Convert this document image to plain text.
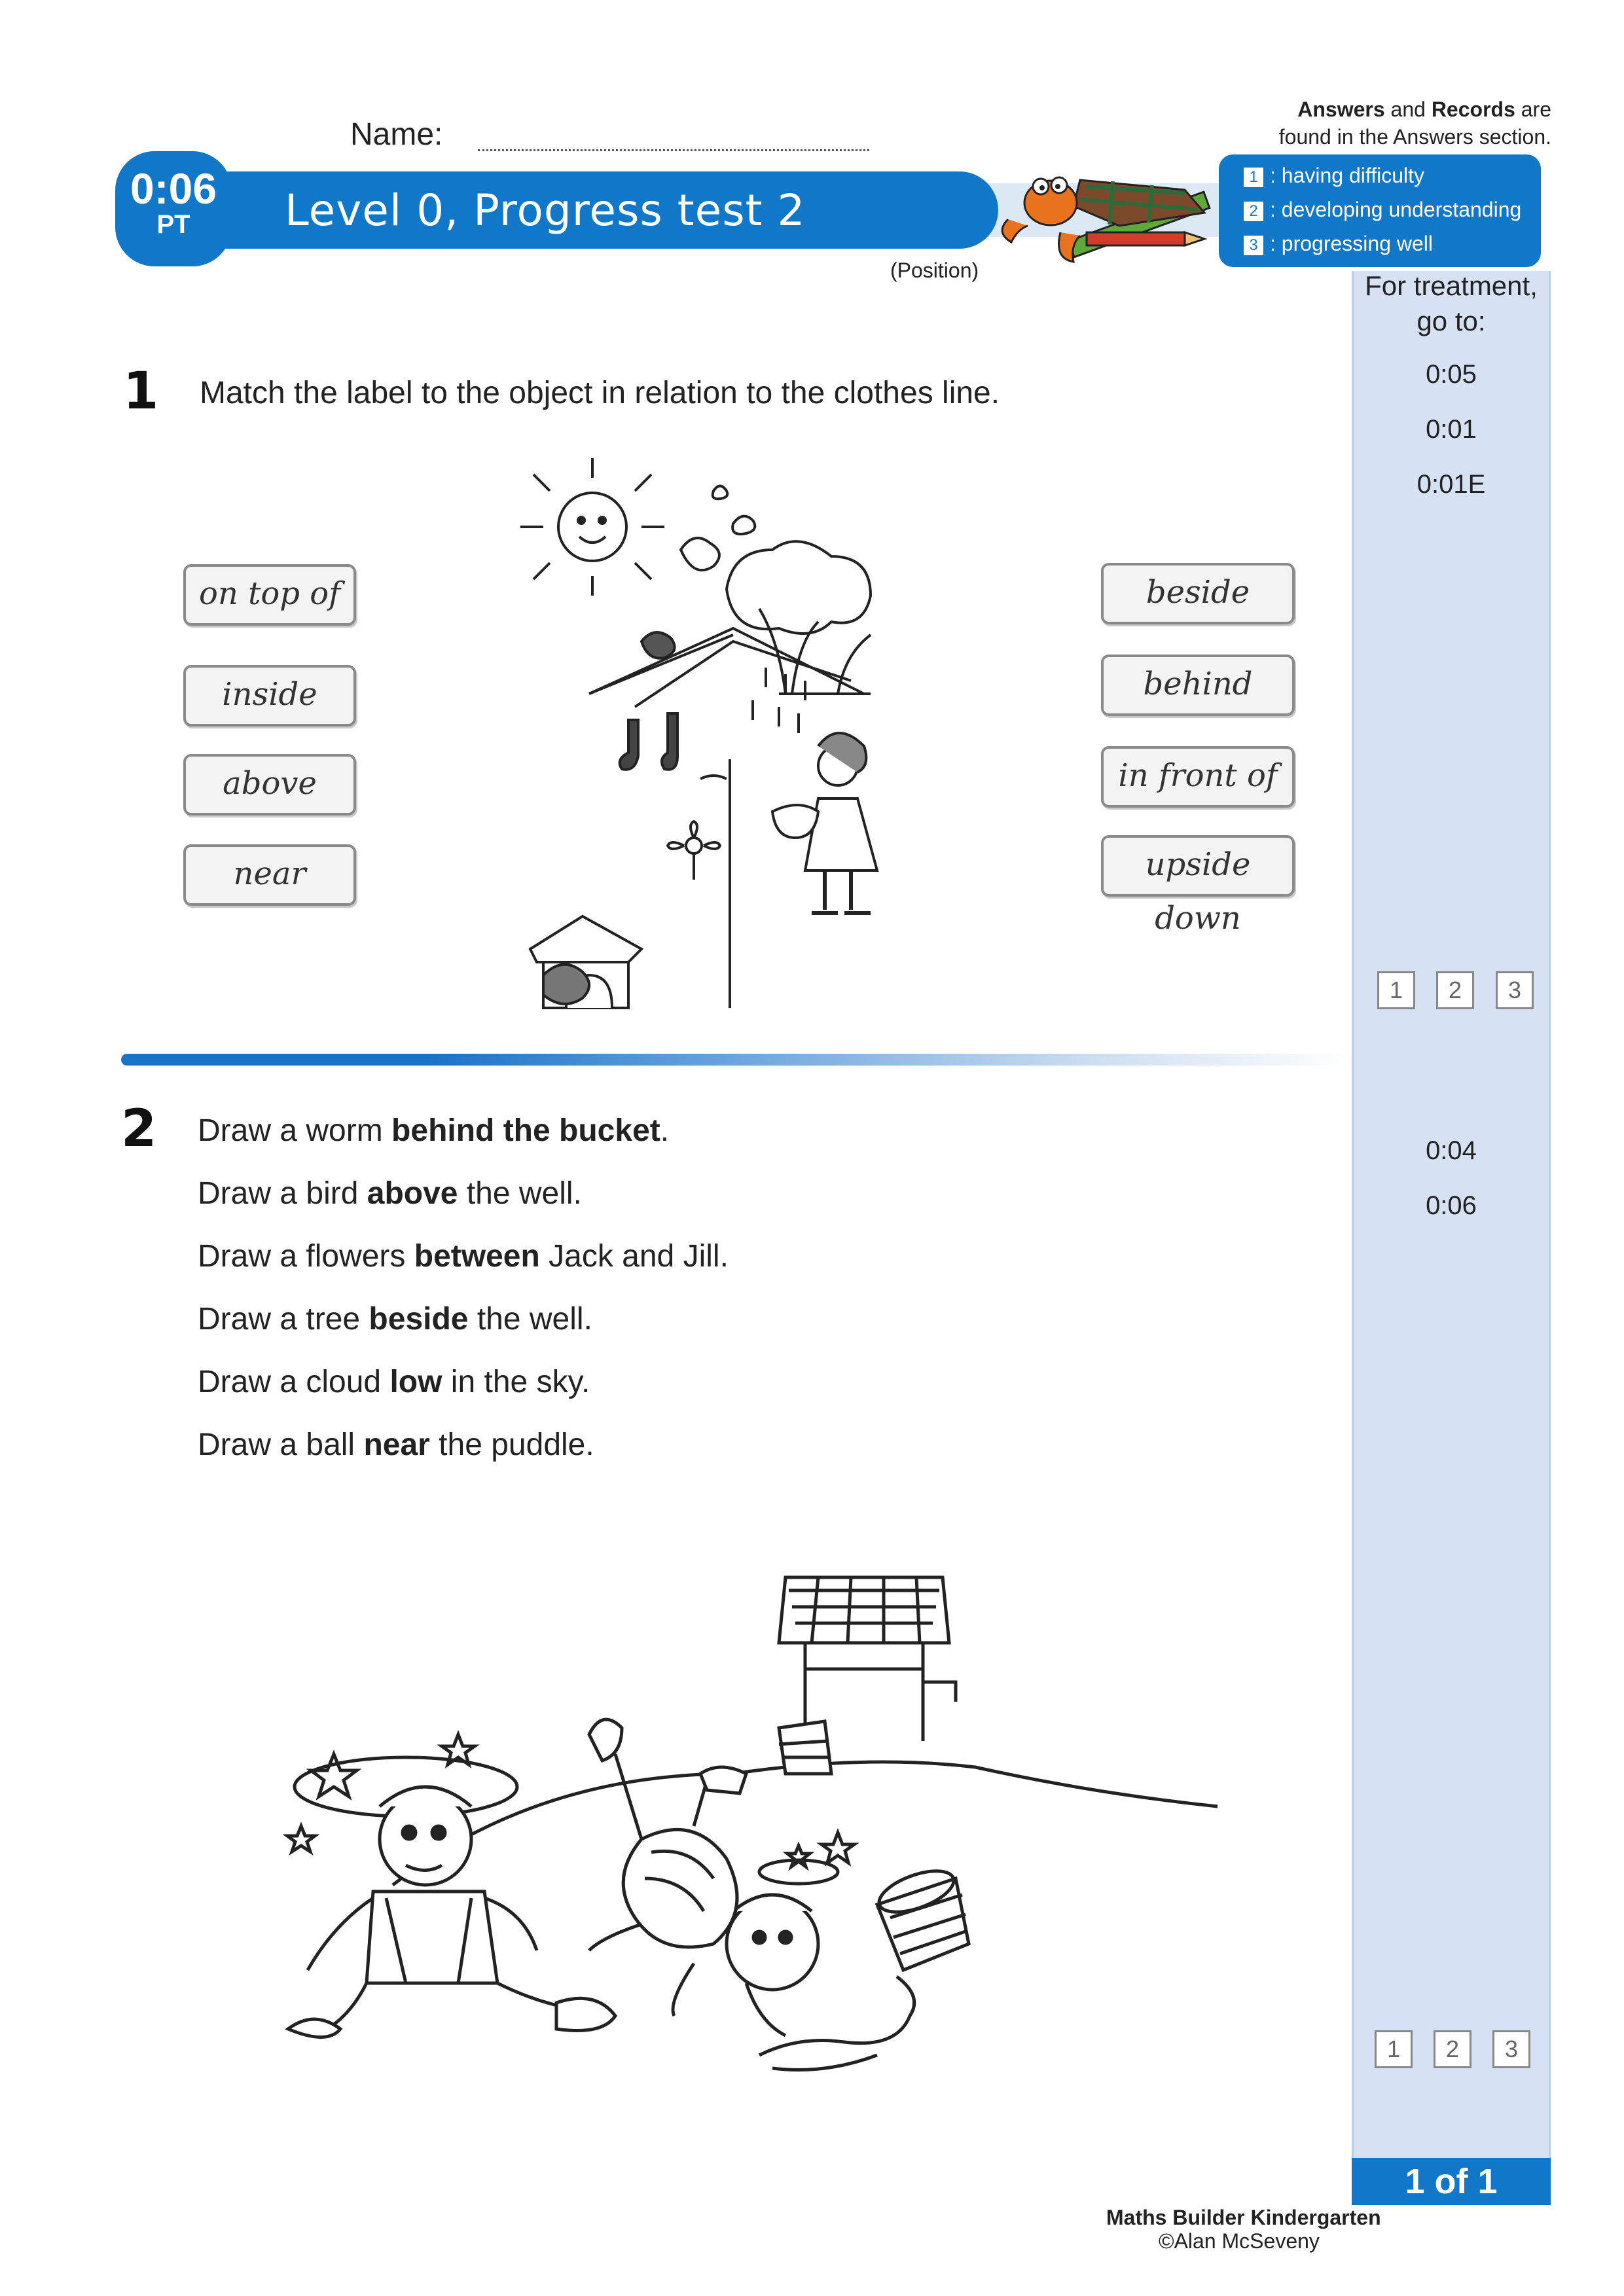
Name:
Level 0, Progress test 2
0:06
PT
(Position)
Answers and Records are
found in the Answers section.
1 : having difficulty
2 : developing understanding
3 : progressing well
For treatment,
go to:
0:05
0:01
0:01E
1	2	3
0:04
0:06
1	2	3
1 of 1
Maths Builder Kindergarten
©Alan McSeveny
1 Match the label to the object in relation to the clothes line.
on top of
inside
above
near
beside
behind
in front of
upside down
2 Draw a worm behind the bucket.
Draw a bird above the well.
Draw a flowers between Jack and Jill.
Draw a tree beside the well.
Draw a cloud low in the sky.
Draw a ball near the puddle.
